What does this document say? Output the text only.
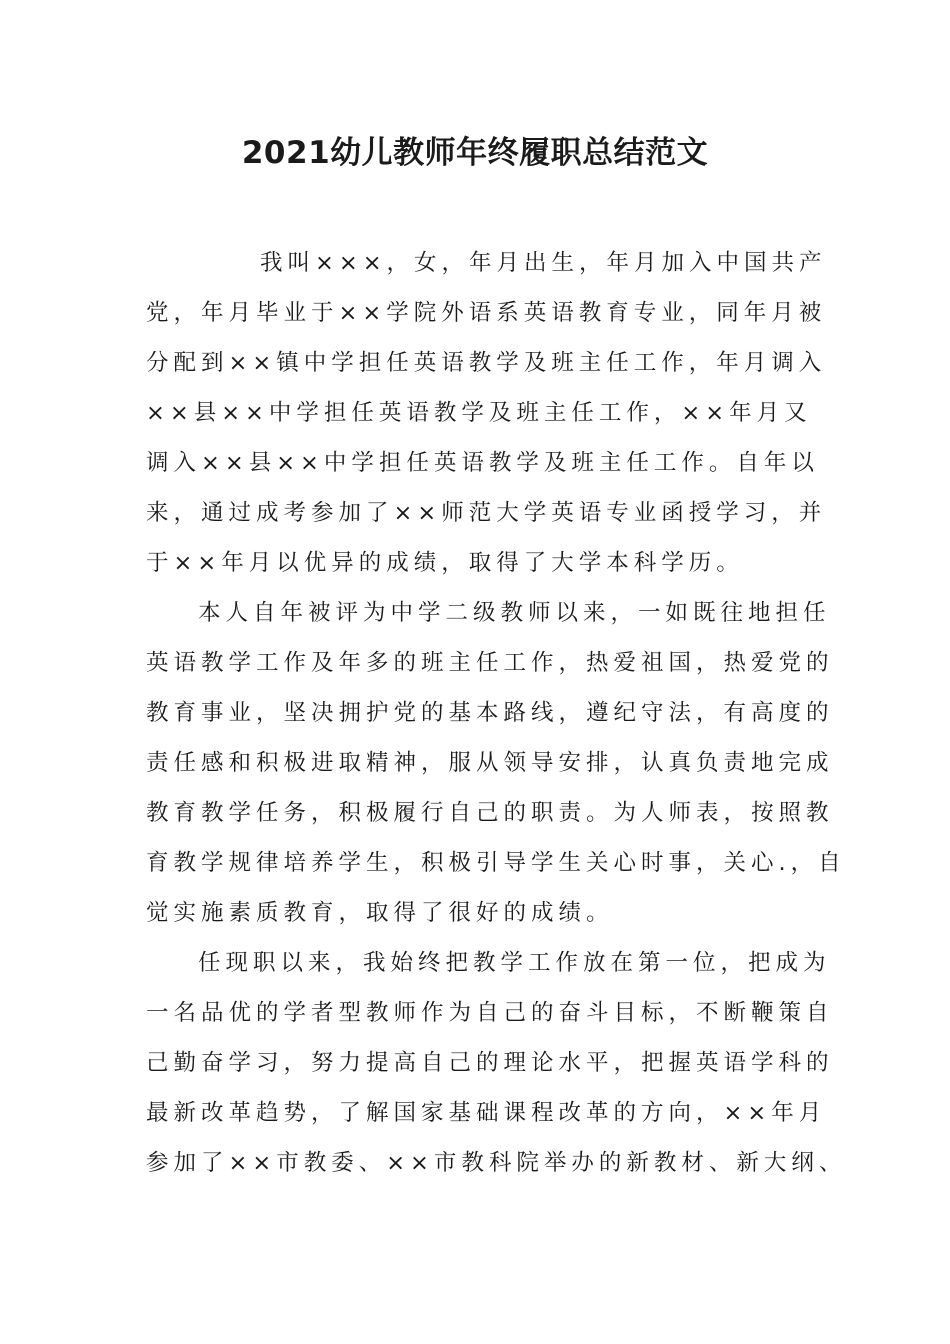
2021幼儿教师年终履职总结范文
我叫×××，女，年月出生，年月加入中国共产
党，年月毕业于××学院外语系英语教育专业，同年月被
分配到××镇中学担任英语教学及班主任工作，年月调入
××县××中学担任英语教学及班主任工作，××年月又
调入××县××中学担任英语教学及班主任工作。自年以
来，通过成考参加了××师范大学英语专业函授学习，并
于××年月以优异的成绩，取得了大学本科学历。
本人自年被评为中学二级教师以来，一如既往地担任
英语教学工作及年多的班主任工作，热爱祖国，热爱党的
教育事业，坚决拥护党的基本路线，遵纪守法，有高度的
责任感和积极进取精神，服从领导安排，认真负责地完成
教育教学任务，积极履行自己的职责。为人师表，按照教
育教学规律培养学生，积极引导学生关心时事，关心.，自
觉实施素质教育，取得了很好的成绩。
任现职以来，我始终把教学工作放在第一位，把成为
一名品优的学者型教师作为自己的奋斗目标，不断鞭策自
己勤奋学习，努力提高自己的理论水平，把握英语学科的
最新改革趋势，了解国家基础课程改革的方向，××年月
参加了××市教委、××市教科院举办的新教材、新大纲、
